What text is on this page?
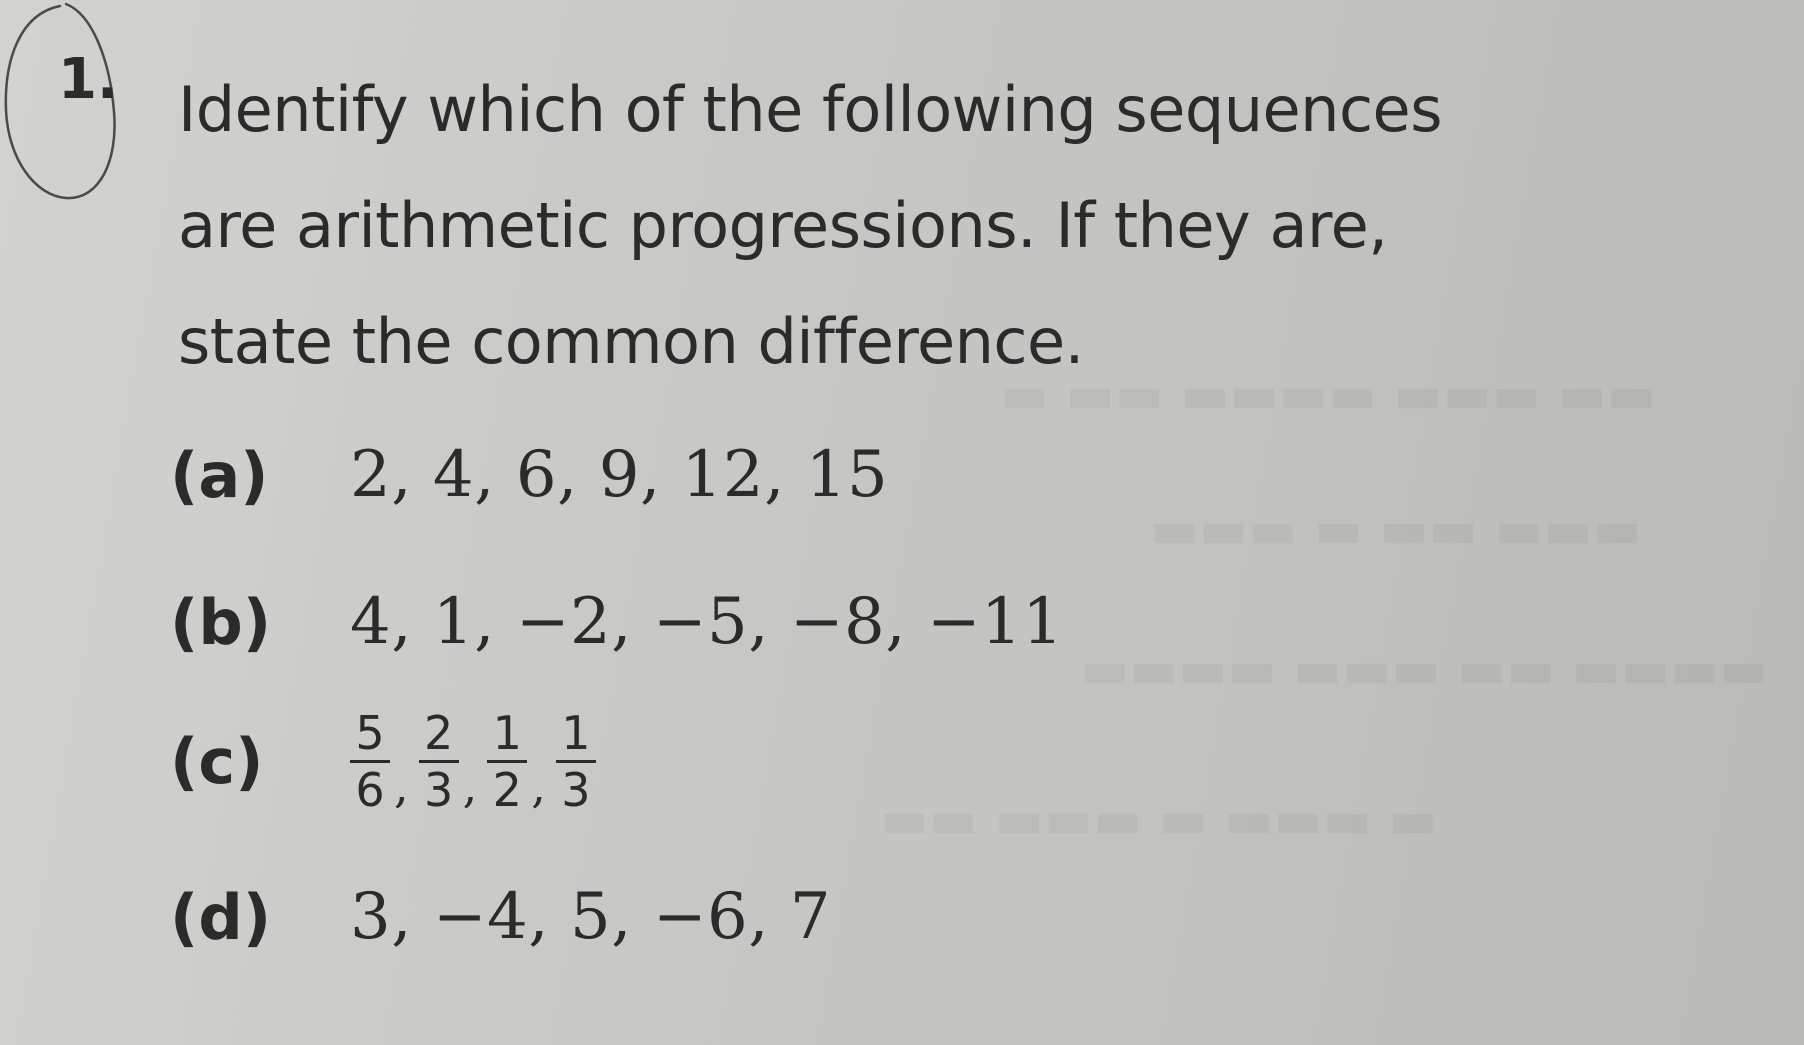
▬▬ ▬▬▬ ▬▬▬▬ ▬▬ ▬
▬▬▬ ▬▬ ▬ ▬▬▬
▬▬▬▬ ▬▬ ▬▬▬ ▬▬▬▬
▬ ▬▬▬ ▬ ▬▬▬ ▬▬
1. Identify which of the following sequences
are arithmetic progressions. If they are,
state the common difference.

(a)	2, 4, 6, 9, 12, 15
(b)	4, 1, −2, −5, −8, −11
(c)	$\frac{5}{6}$ , $\frac{2}{3}$ , $\frac{1}{2}$ , $\frac{1}{3}$
(d)	3, −4, 5, −6, 7
